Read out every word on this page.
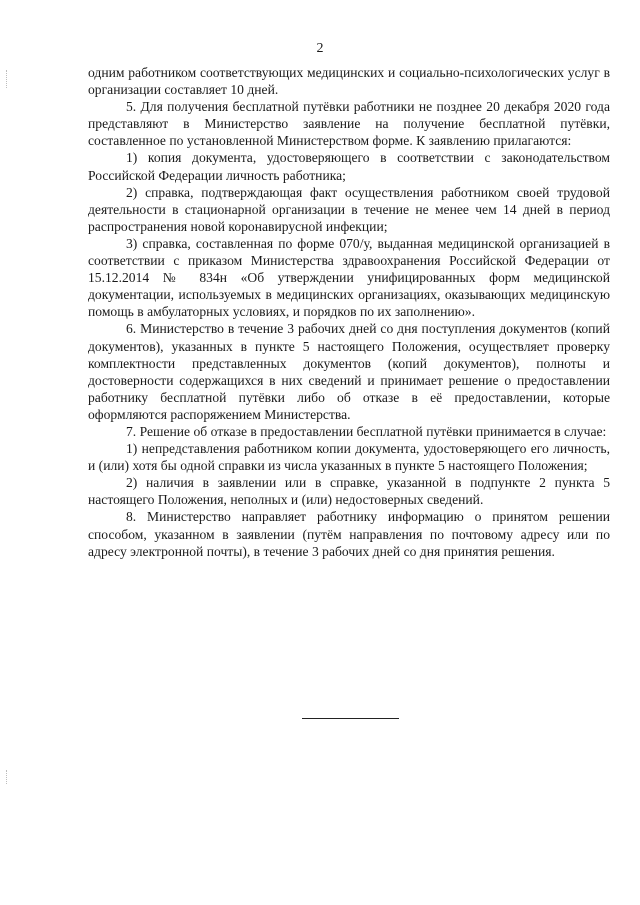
2

одним работником соответствующих медицинских и социально-психологических услуг в организации составляет 10 дней.

5. Для получения бесплатной путёвки работники не позднее 20 декабря 2020 года представляют в Министерство заявление на получение бесплатной путёвки, составленное по установленной Министерством форме. К заявлению прилагаются:

1) копия документа, удостоверяющего в соответствии с законодательством Российской Федерации личность работника;

2) справка, подтверждающая факт осуществления работником своей трудовой деятельности в стационарной организации в течение не менее чем 14 дней в период распространения новой коронавирусной инфекции;

3) справка, составленная по форме 070/у, выданная медицинской организацией в соответствии с приказом Министерства здравоохранения Российской Федерации от 15.12.2014 № 834н «Об утверждении унифицированных форм медицинской документации, используемых в медицинских организациях, оказывающих медицинскую помощь в амбулаторных условиях, и порядков по их заполнению».

6. Министерство в течение 3 рабочих дней со дня поступления документов (копий документов), указанных в пункте 5 настоящего Положения, осуществляет проверку комплектности представленных документов (копий документов), полноты и достоверности содержащихся в них сведений и принимает решение о предоставлении работнику бесплатной путёвки либо об отказе в её предоставлении, которые оформляются распоряжением Министерства.

7. Решение об отказе в предоставлении бесплатной путёвки принимается в случае:

1) непредставления работником копии документа, удостоверяющего его личность, и (или) хотя бы одной справки из числа указанных в пункте 5 настоящего Положения;

2) наличия в заявлении или в справке, указанной в подпункте 2 пункта 5 настоящего Положения, неполных и (или) недостоверных сведений.

8. Министерство направляет работнику информацию о принятом решении способом, указанном в заявлении (путём направления по почтовому адресу или по адресу электронной почты), в течение 3 рабочих дней со дня принятия решения.
